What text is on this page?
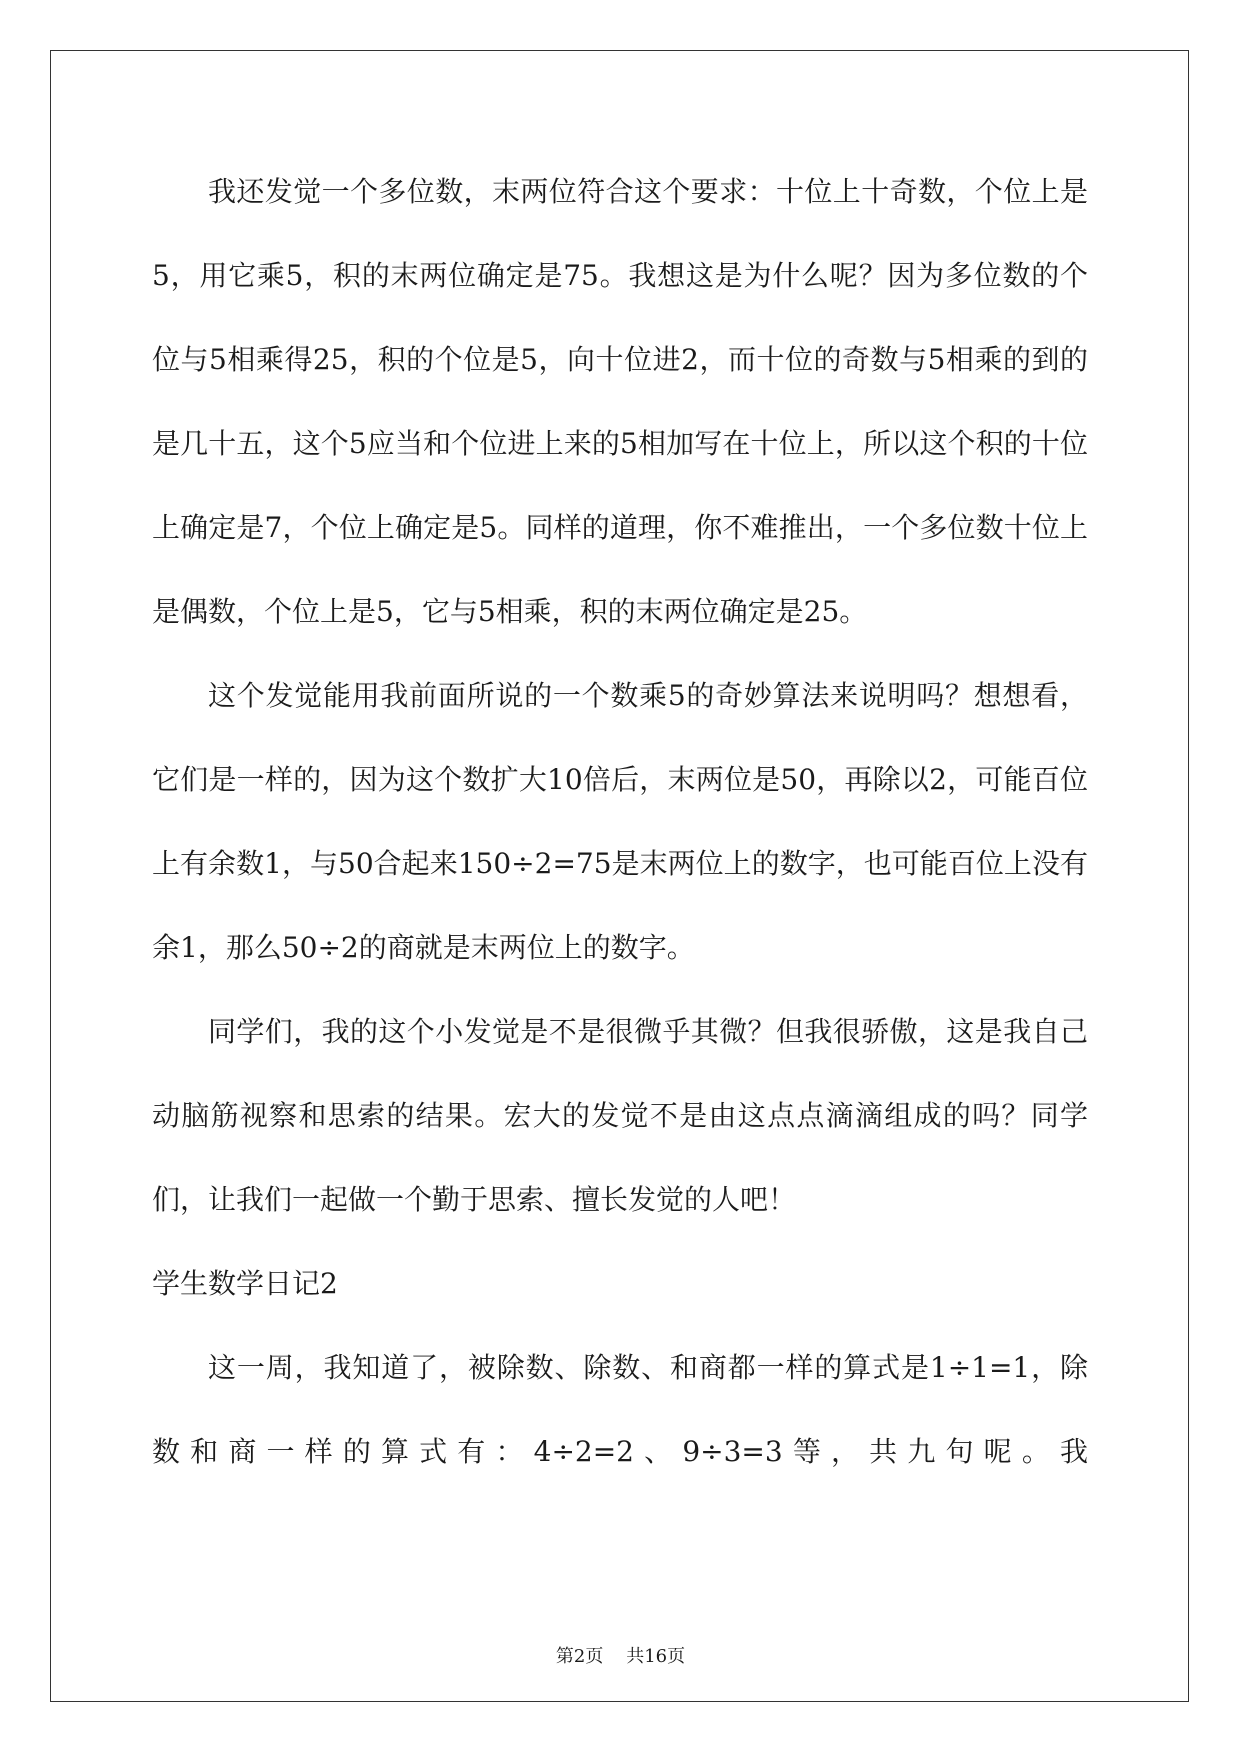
我还发觉一个多位数，末两位符合这个要求：十位上十奇数，个位上是5，用它乘5，积的末两位确定是75。我想这是为什么呢？因为多位数的个位与5相乘得25，积的个位是5，向十位进2，而十位的奇数与5相乘的到的是几十五，这个5应当和个位进上来的5相加写在十位上，所以这个积的十位上确定是7，个位上确定是5。同样的道理，你不难推出，一个多位数十位上是偶数，个位上是5，它与5相乘，积的末两位确定是25。

这个发觉能用我前面所说的一个数乘5的奇妙算法来说明吗？想想看，它们是一样的，因为这个数扩大10倍后，末两位是50，再除以2，可能百位上有余数1，与50合起来150÷2=75是末两位上的数字，也可能百位上没有余1，那么50÷2的商就是末两位上的数字。

同学们，我的这个小发觉是不是很微乎其微？但我很骄傲，这是我自己动脑筋视察和思索的结果。宏大的发觉不是由这点点滴滴组成的吗？同学们，让我们一起做一个勤于思索、擅长发觉的人吧！

学生数学日记2

这一周，我知道了，被除数、除数、和商都一样的算式是1÷1=1，除数和商一样的算式有：4÷2=2、9÷3=3等，共九句呢。我

第2页 共16页
